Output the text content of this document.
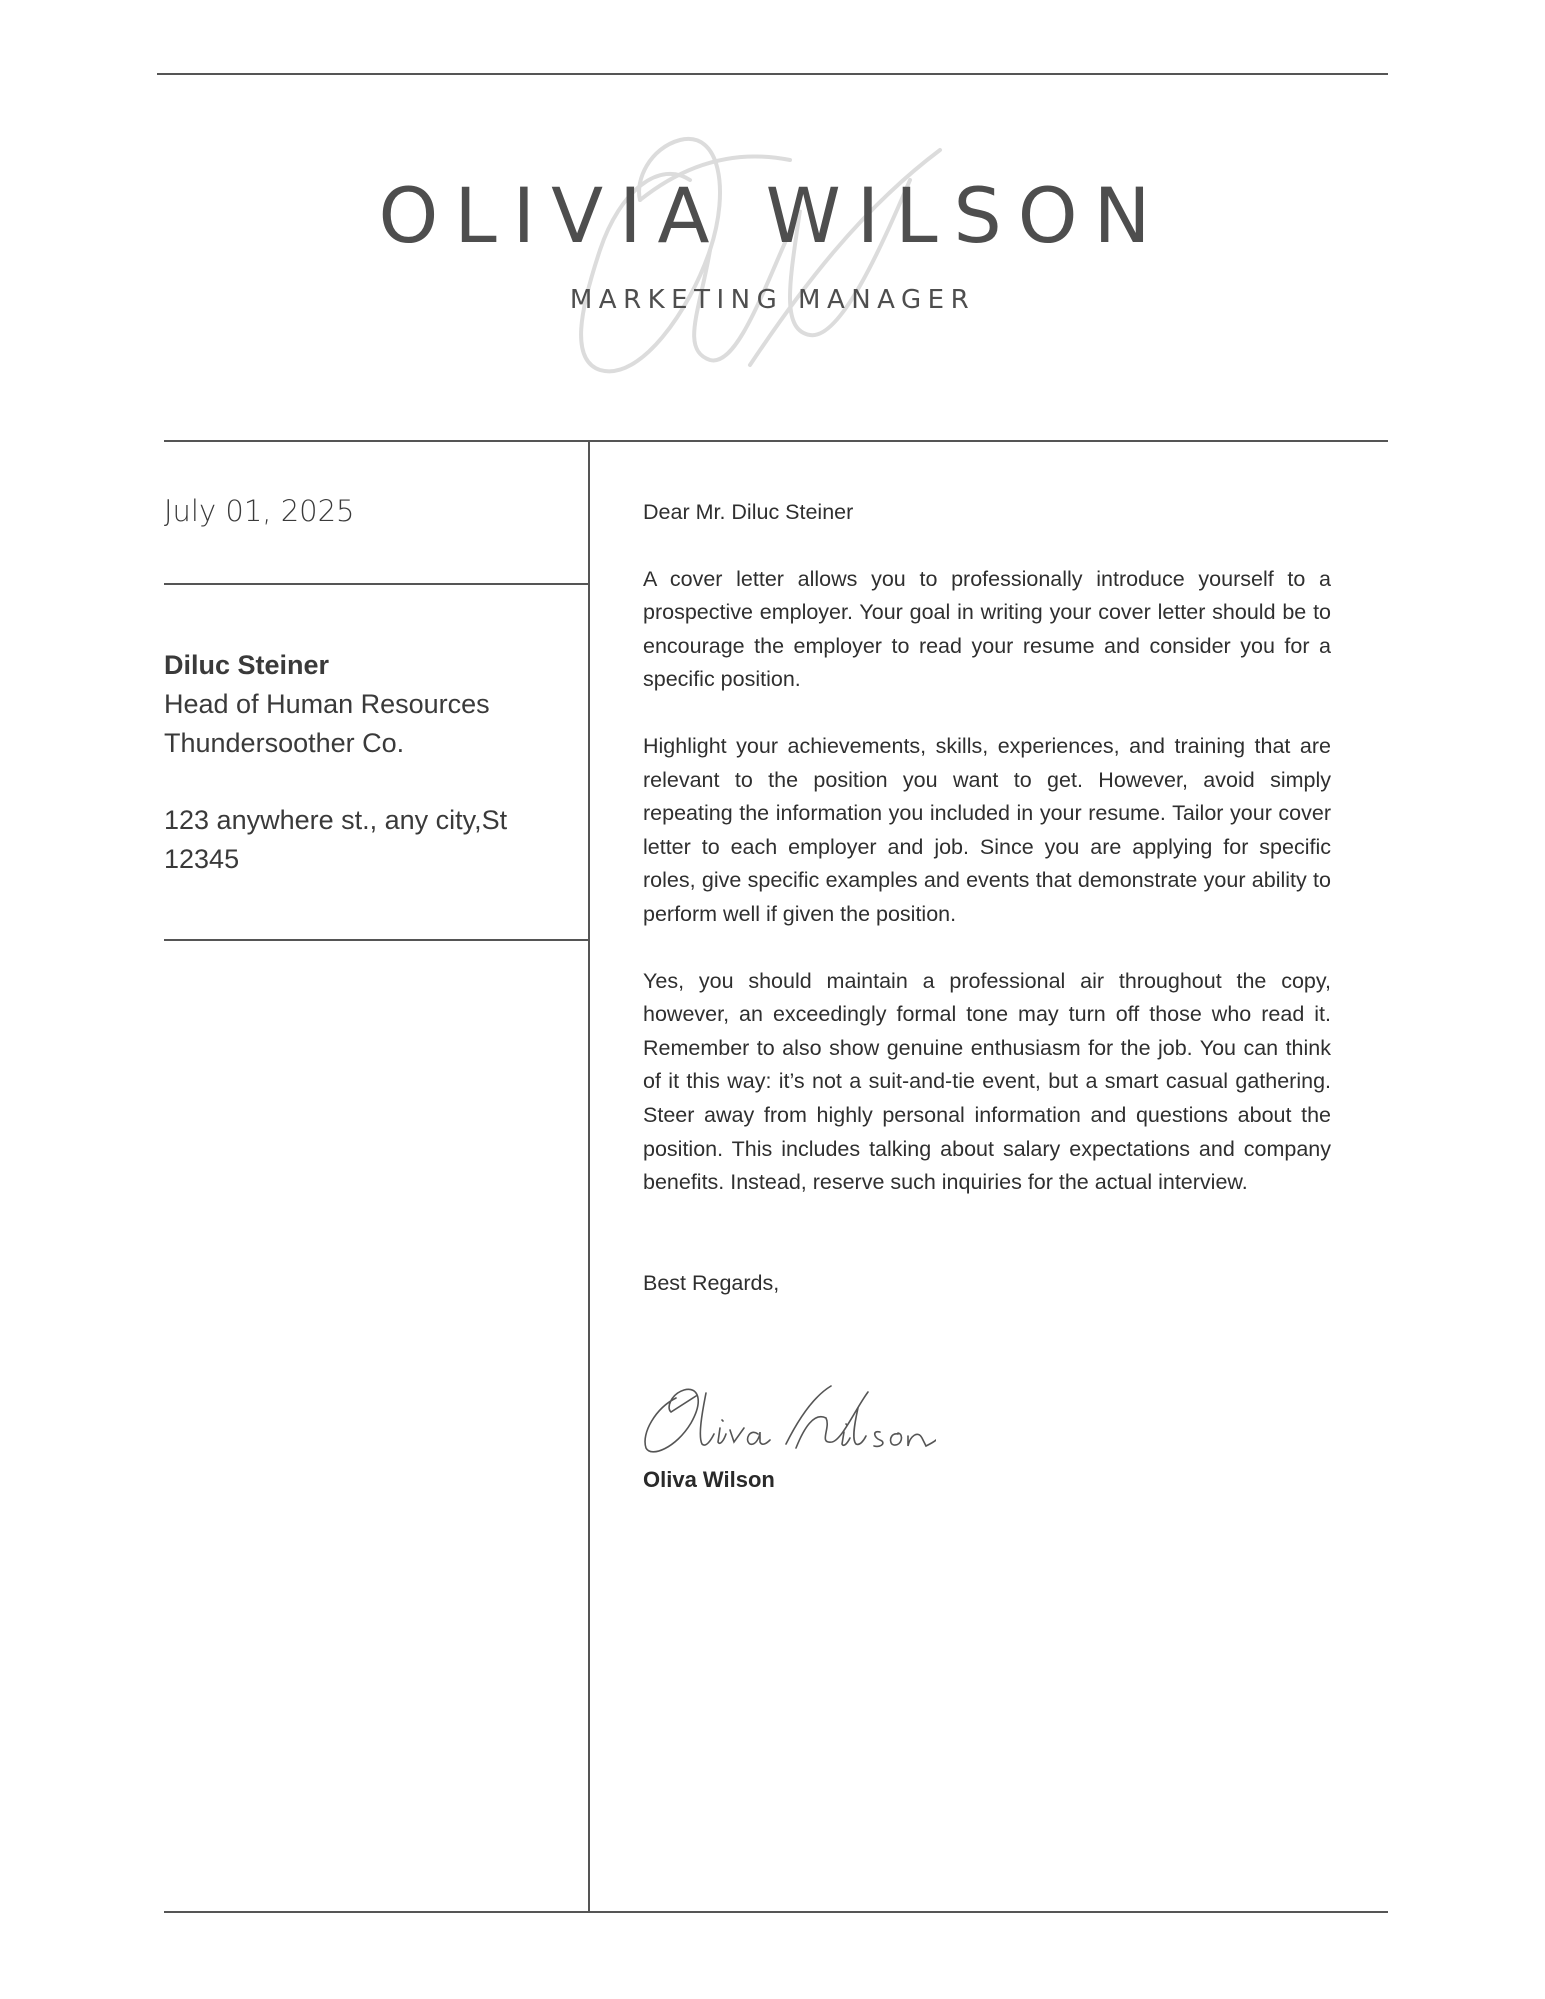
OLIVIA WILSON
MARKETING MANAGER
July 01, 2025
Diluc Steiner
Head of Human Resources
Thundersoother Co.
123 anywhere st., any city,St
12345

Dear Mr. Diluc Steiner

A cover letter allows you to professionally introduce yourself to a prospective employer. Your goal in writing your cover letter should be to encourage the employer to read your resume and consider you for a specific position.

Highlight your achievements, skills, experiences, and training that are relevant to the position you want to get. However, avoid simply repeating the information you included in your resume. Tailor your cover letter to each employer and job. Since you are applying for specific roles, give specific examples and events that demonstrate your ability to perform well if given the position.

Yes, you should maintain a professional air throughout the copy, however, an exceedingly formal tone may turn off those who read it. Remember to also show genuine enthusiasm for the job. You can think of it this way: it’s not a suit-and-tie event, but a smart casual gathering. Steer away from highly personal information and questions about the position. This includes talking about salary expectations and company benefits. Instead, reserve such inquiries for the actual interview.

Best Regards,

Oliva Wilson
